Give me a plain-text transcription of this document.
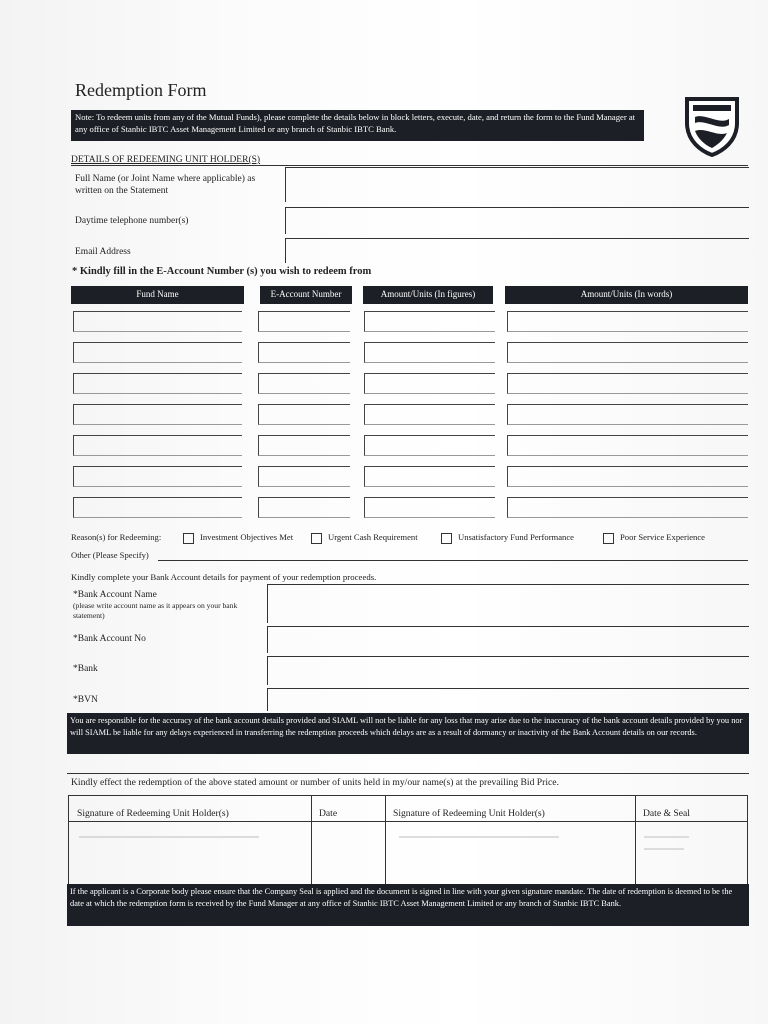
Redemption Form
Note: To redeem units from any of the Mutual Funds), please complete the details below in block letters, execute, date, and return the form to the Fund Manager at any office of Stanbic IBTC Asset Management Limited or any branch of Stanbic IBTC Bank.
DETAILS OF REDEEMING UNIT HOLDER(S)
Full Name (or Joint Name where applicable) as written on the Statement
Daytime telephone number(s)
Email Address
* Kindly fill in the E-Account Number (s) you wish to redeem from
Fund Name	E-Account Number	Amount/Units (In figures)	Amount/Units (In words)
Reason(s) for Redeeming:	Investment Objectives Met	Urgent Cash Requirement	Unsatisfactory Fund Performance	Poor Service Experience
Other (Please Specify)
Kindly complete your Bank Account details for payment of your redemption proceeds.
*Bank Account Name
(please write account name as it appears on your bank statement)
*Bank Account No
*Bank
*BVN
You are responsible for the accuracy of the bank account details provided and SIAML will not be liable for any loss that may arise due to the inaccuracy of the bank account details provided by you nor will SIAML be liable for any delays experienced in transferring the redemption proceeds which delays are as a result of dormancy or inactivity of the Bank Account details on our records.
Kindly effect the redemption of the above stated amount or number of units held in my/our name(s) at the prevailing Bid Price.
Signature of Redeeming Unit Holder(s)	Date	Signature of Redeeming Unit Holder(s)	Date & Seal
If the applicant is a Corporate body please ensure that the Company Seal is applied and the document is signed in line with your given signature mandate. The date of redemption is deemed to be the date at which the redemption form is received by the Fund Manager at any office of Stanbic IBTC Asset Management Limited or any branch of Stanbic IBTC Bank.
